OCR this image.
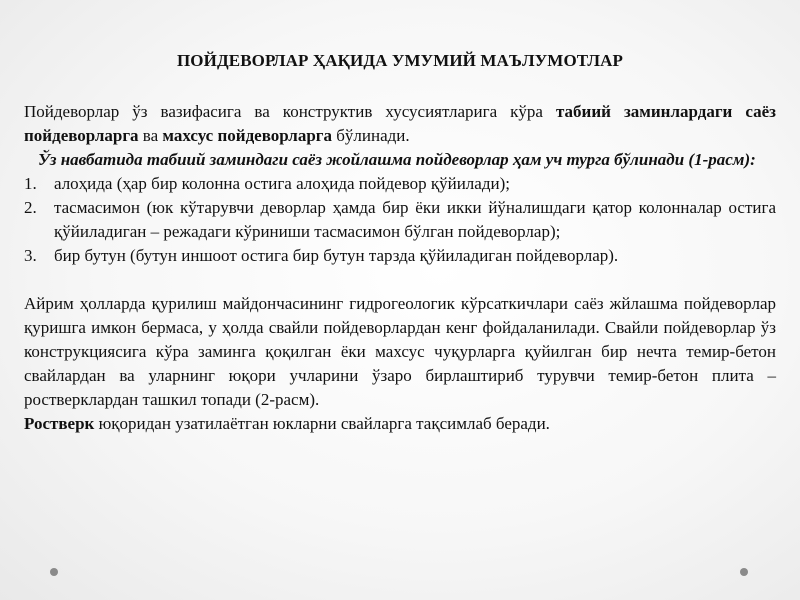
ПОЙДЕВОРЛАР ҲАҚИДА УМУМИЙ МАЪЛУМОТЛАР

Пойдеворлар ўз вазифасига ва конструктив хусусиятларига кўра табиий заминлардаги саёз пойдеворларга ва махсус пойдеворларга бўлинади.

Ўз навбатида табиий заминдаги саёз жойлашма пойдеворлар ҳам уч турга бўлинади (1-расм):

1. алоҳида (ҳар бир колонна остига алоҳида пойдевор қўйилади);
2. тасмасимон (юк кўтарувчи деворлар ҳамда бир ёки икки йўналишдаги қатор колонналар остига қўйиладиган – режадаги кўриниши тасмасимон бўлган пойдеворлар);
3. бир бутун (бутун иншоот остига бир бутун тарзда қўйиладиган пойдеворлар).

Айрим ҳолларда қурилиш майдончасининг гидрогеологик кўрсаткичлари саёз жйлашма пойдеворлар қуришга имкон бермаса, у ҳолда свайли пойдеворлардан кенг фойдаланилади. Свайли пойдеворлар ўз конструкциясига кўра заминга қоқилган ёки махсус чуқурларга қуйилган бир нечта темир-бетон свайлардан ва уларнинг юқори учларини ўзаро бирлаштириб турувчи темир-бетон плита – ростверклардан ташкил топади (2-расм).

Ростверк юқоридан узатилаётган юкларни свайларга тақсимлаб беради.
